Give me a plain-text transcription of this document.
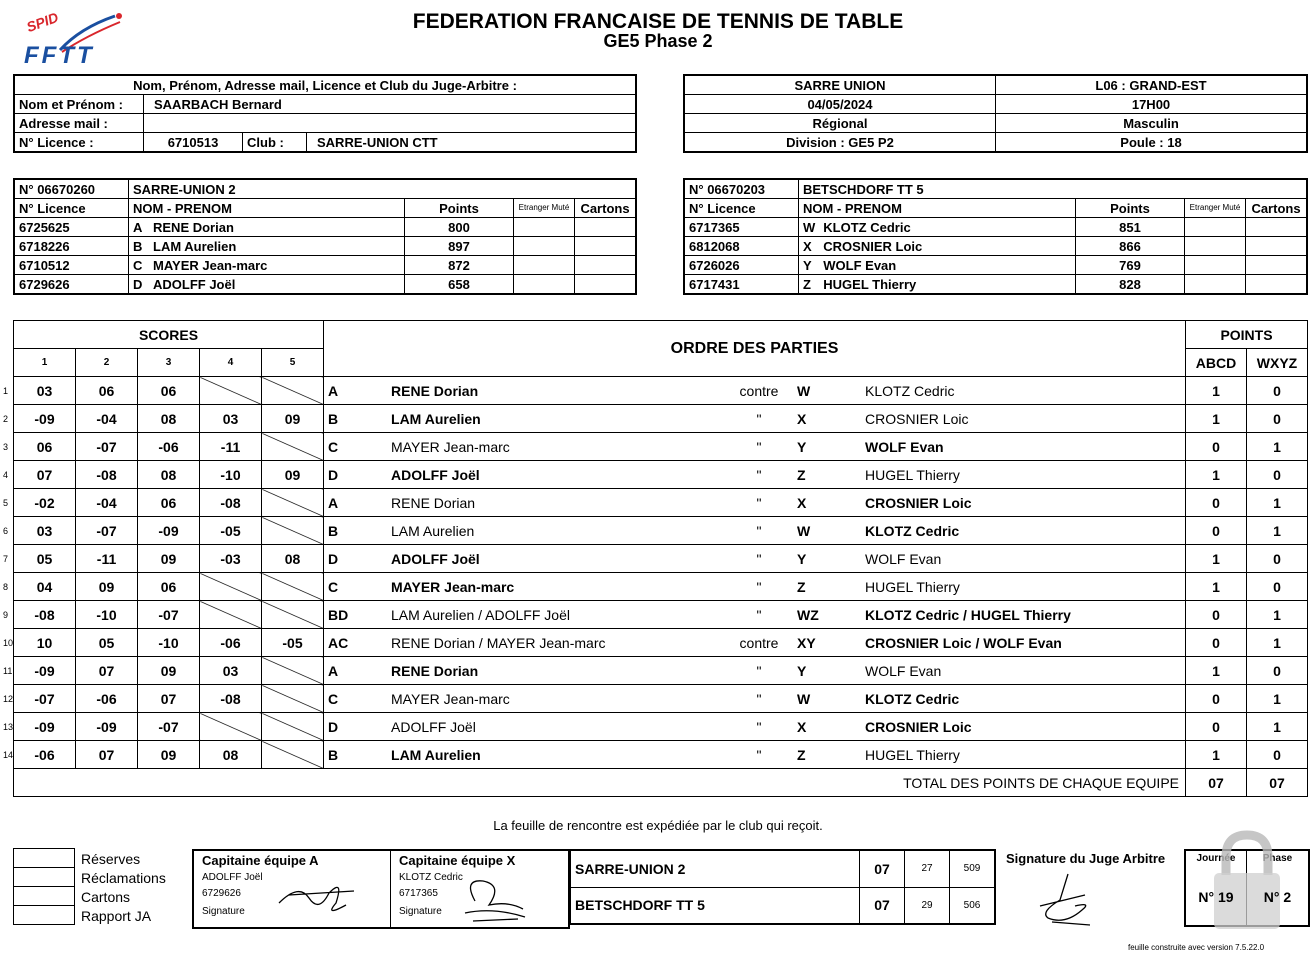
SPID
FFTT
FEDERATION FRANCAISE DE TENNIS DE TABLE
GE5 Phase 2
Nom, Prénom, Adresse mail, Licence et Club du Juge-Arbitre :			
Nom et Prénom :	SAARBACH Bernard		
Adresse mail :			
N° Licence :	6710513	Club :	SARRE-UNION CTT
SARRE UNION	L06 : GRAND-EST
04/05/2024	17H00
Régional	Masculin
Division : GE5 P2	Poule : 18
N° 06670260	SARRE-UNION 2				
N° Licence	NOM - PRENOM		Points	Etranger Muté	Cartons
6725625	A	RENE Dorian	800		
6718226	B	LAM Aurelien	897		
6710512	C	MAYER Jean-marc	872		
6729626	D	ADOLFF Joël	658		
N° 06670203	BETSCHDORF TT 5				
N° Licence	NOM - PRENOM		Points	Etranger Muté	Cartons
6717365	W	KLOTZ Cedric	851		
6812068	X	CROSNIER Loic	866		
6726026	Y	WOLF Evan	769		
6717431	Z	HUGEL Thierry	828		
	SCORES					ORDRE DES PARTIES					POINTS	
	1	2	3	4	5						ABCD	WXYZ
1	03	06	06			A	RENE Dorian	contre	W	KLOTZ Cedric	1	0
2	-09	-04	08	03	09	B	LAM Aurelien	"	X	CROSNIER Loic	1	0
3	06	-07	-06	-11		C	MAYER Jean-marc	"	Y	WOLF Evan	0	1
4	07	-08	08	-10	09	D	ADOLFF Joël	"	Z	HUGEL Thierry	1	0
5	-02	-04	06	-08		A	RENE Dorian	"	X	CROSNIER Loic	0	1
6	03	-07	-09	-05		B	LAM Aurelien	"	W	KLOTZ Cedric	0	1
7	05	-11	09	-03	08	D	ADOLFF Joël	"	Y	WOLF Evan	1	0
8	04	09	06			C	MAYER Jean-marc	"	Z	HUGEL Thierry	1	0
9	-08	-10	-07			BD	LAM Aurelien / ADOLFF Joël	"	WZ	KLOTZ Cedric / HUGEL Thierry	0	1
10	10	05	-10	-06	-05	AC	RENE Dorian / MAYER Jean-marc	contre	XY	CROSNIER Loic / WOLF Evan	0	1
11	-09	07	09	03		A	RENE Dorian	"	Y	WOLF Evan	1	0
12	-07	-06	07	-08		C	MAYER Jean-marc	"	W	KLOTZ Cedric	0	1
13	-09	-09	-07			D	ADOLFF Joël	"	X	CROSNIER Loic	0	1
14	-06	07	09	08		B	LAM Aurelien	"	Z	HUGEL Thierry	1	0
	TOTAL DES POINTS DE CHAQUE EQUIPE										07	07
La feuille de rencontre est expédiée par le club qui reçoit.
Réserves
Réclamations
Cartons
Rapport JA
Capitaine équipe A
ADOLFF Joël
6729626
Signature

Capitaine équipe X
KLOTZ Cedric
6717365
Signature
SARRE-UNION 2	07	27	509
BETSCHDORF TT 5	07	29	506
Signature du Juge Arbitre	Journée	Phase
N° 19	N° 2
feuille construite avec version 7.5.22.0
